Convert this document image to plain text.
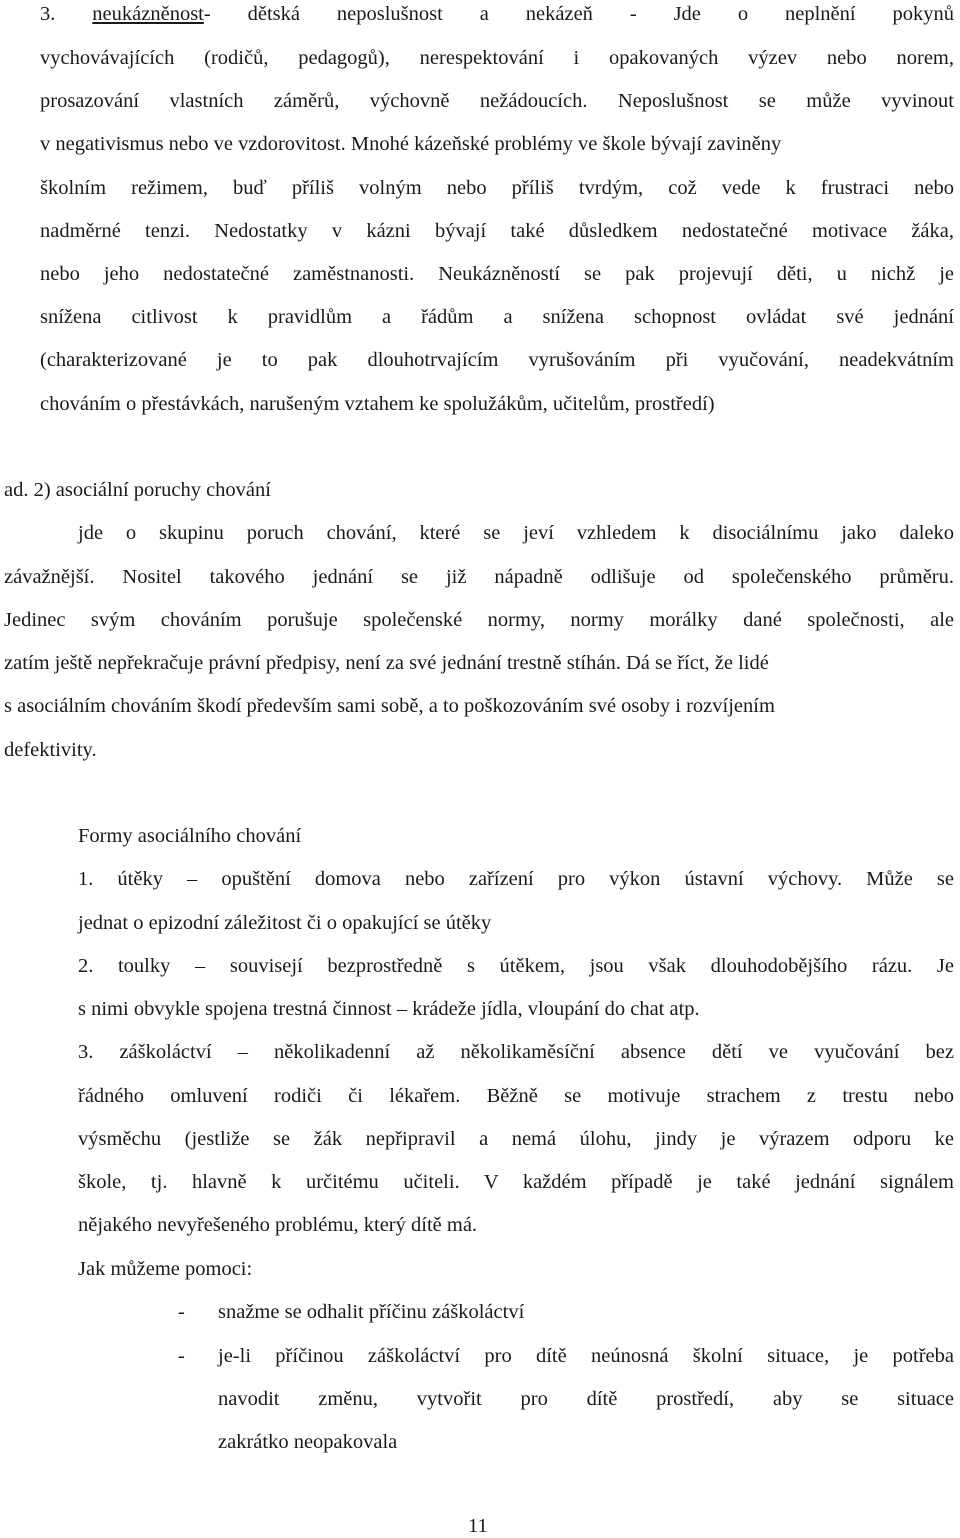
3. neukázněnost- dětská neposlušnost a nekázeň - Jde o neplnění pokynů
vychovávajících (rodičů, pedagogů), nerespektování i opakovaných výzev nebo norem,
prosazování vlastních záměrů, výchovně nežádoucích. Neposlušnost se může vyvinout
v negativismus nebo ve vzdorovitost. Mnohé kázeňské problémy ve škole bývají zaviněny
školním režimem, buď příliš volným nebo příliš tvrdým, což vede k frustraci nebo
nadměrné tenzi. Nedostatky v kázni bývají také důsledkem nedostatečné motivace žáka,
nebo jeho nedostatečné zaměstnanosti. Neukázněností se pak projevují děti, u nichž je
snížena citlivost k pravidlům a řádům a snížena schopnost ovládat své jednání
(charakterizované je to pak dlouhotrvajícím vyrušováním při vyučování, neadekvátním
chováním o přestávkách, narušeným vztahem ke spolužákům, učitelům, prostředí)
ad. 2) asociální poruchy chování
jde o skupinu poruch chování, které se jeví vzhledem k disociálnímu jako daleko
závažnější. Nositel takového jednání se již nápadně odlišuje od společenského průměru.
Jedinec svým chováním porušuje společenské normy, normy morálky dané společnosti, ale
zatím ještě nepřekračuje právní předpisy, není za své jednání trestně stíhán. Dá se říct, že lidé
s asociálním chováním škodí především sami sobě, a to poškozováním své osoby i rozvíjením
defektivity.
Formy asociálního chování
1. útěky – opuštění domova nebo zařízení pro výkon ústavní výchovy. Může se
jednat o epizodní záležitost či o opakující se útěky
2. toulky – souvisejí bezprostředně s útěkem, jsou však dlouhodobějšího rázu. Je
s nimi obvykle spojena trestná činnost – krádeže jídla, vloupání do chat atp.
3. záškoláctví – několikadenní až několikaměsíční absence dětí ve vyučování bez
řádného omluvení rodiči či lékařem. Běžně se motivuje strachem z trestu nebo
výsměchu (jestliže se žák nepřipravil a nemá úlohu, jindy je výrazem odporu ke
škole, tj. hlavně k určitému učiteli. V každém případě je také jednání signálem
nějakého nevyřešeného problému, který dítě má.
Jak můžeme pomoci:
- snažme se odhalit příčinu záškoláctví
- je-li příčinou záškoláctví pro dítě neúnosná školní situace, je potřeba
navodit změnu, vytvořit pro dítě prostředí, aby se situace
zakrátko neopakovala
11
